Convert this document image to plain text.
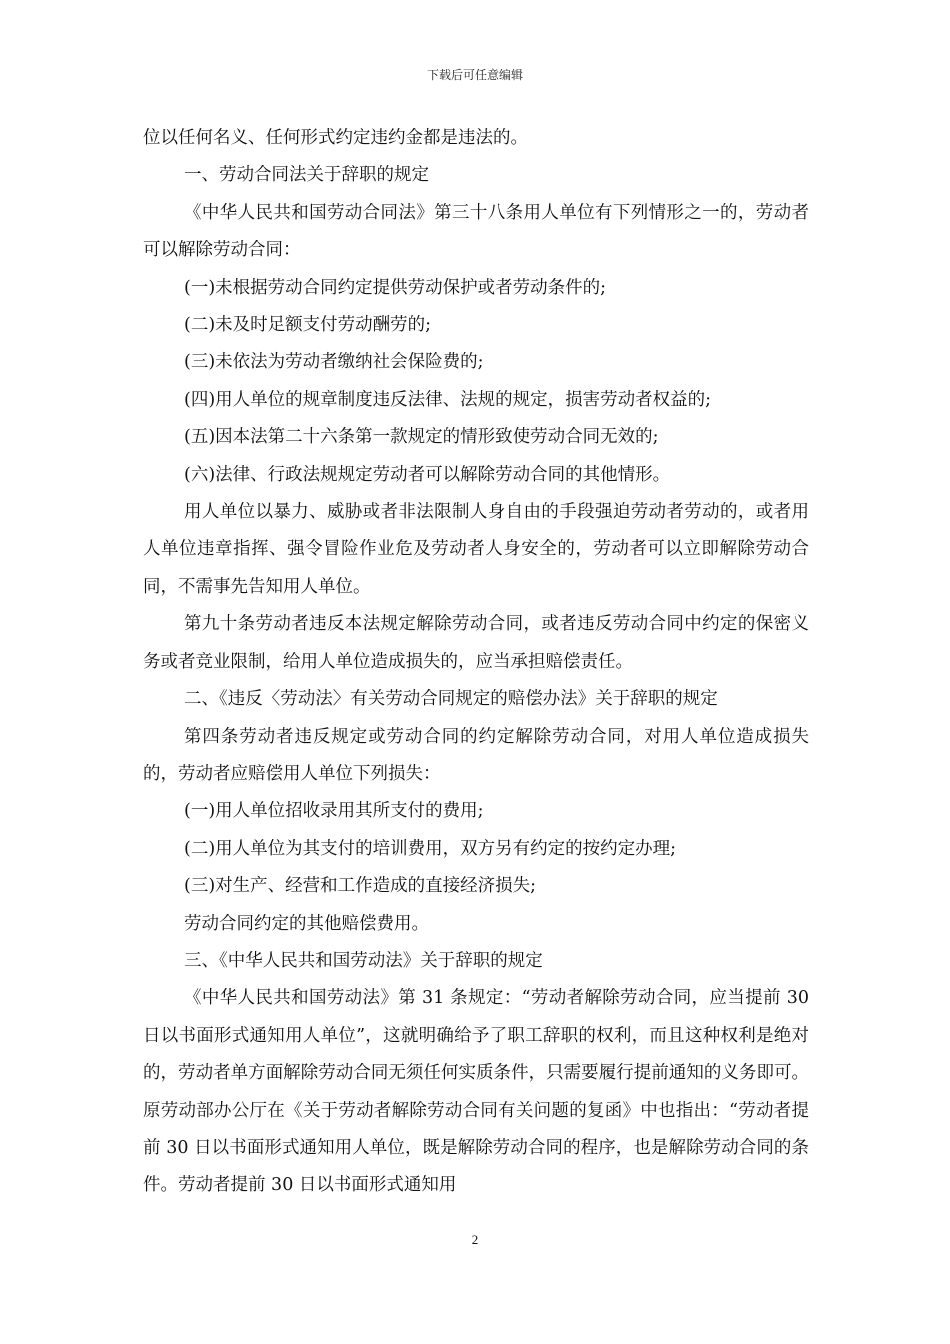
下载后可任意编辑

位以任何名义、任何形式约定违约金都是违法的。

一、劳动合同法关于辞职的规定

《中华人民共和国劳动合同法》第三十八条用人单位有下列情形之一的，劳动者可以解除劳动合同：

(一)未根据劳动合同约定提供劳动保护或者劳动条件的;

(二)未及时足额支付劳动酬劳的;

(三)未依法为劳动者缴纳社会保险费的;

(四)用人单位的规章制度违反法律、法规的规定，损害劳动者权益的;

(五)因本法第二十六条第一款规定的情形致使劳动合同无效的;

(六)法律、行政法规规定劳动者可以解除劳动合同的其他情形。

用人单位以暴力、威胁或者非法限制人身自由的手段强迫劳动者劳动的，或者用人单位违章指挥、强令冒险作业危及劳动者人身安全的，劳动者可以立即解除劳动合同，不需事先告知用人单位。

第九十条劳动者违反本法规定解除劳动合同，或者违反劳动合同中约定的保密义务或者竞业限制，给用人单位造成损失的，应当承担赔偿责任。

二、《违反〈劳动法〉有关劳动合同规定的赔偿办法》关于辞职的规定

第四条劳动者违反规定或劳动合同的约定解除劳动合同，对用人单位造成损失的，劳动者应赔偿用人单位下列损失：

(一)用人单位招收录用其所支付的费用;

(二)用人单位为其支付的培训费用，双方另有约定的按约定办理;

(三)对生产、经营和工作造成的直接经济损失;

劳动合同约定的其他赔偿费用。

三、《中华人民共和国劳动法》关于辞职的规定

《中华人民共和国劳动法》第 31 条规定：“劳动者解除劳动合同，应当提前 30 日以书面形式通知用人单位”，这就明确给予了职工辞职的权利，而且这种权利是绝对的，劳动者单方面解除劳动合同无须任何实质条件，只需要履行提前通知的义务即可。原劳动部办公厅在《关于劳动者解除劳动合同有关问题的复函》中也指出：“劳动者提前 30 日以书面形式通知用人单位，既是解除劳动合同的程序，也是解除劳动合同的条件。劳动者提前 30 日以书面形式通知用

2
